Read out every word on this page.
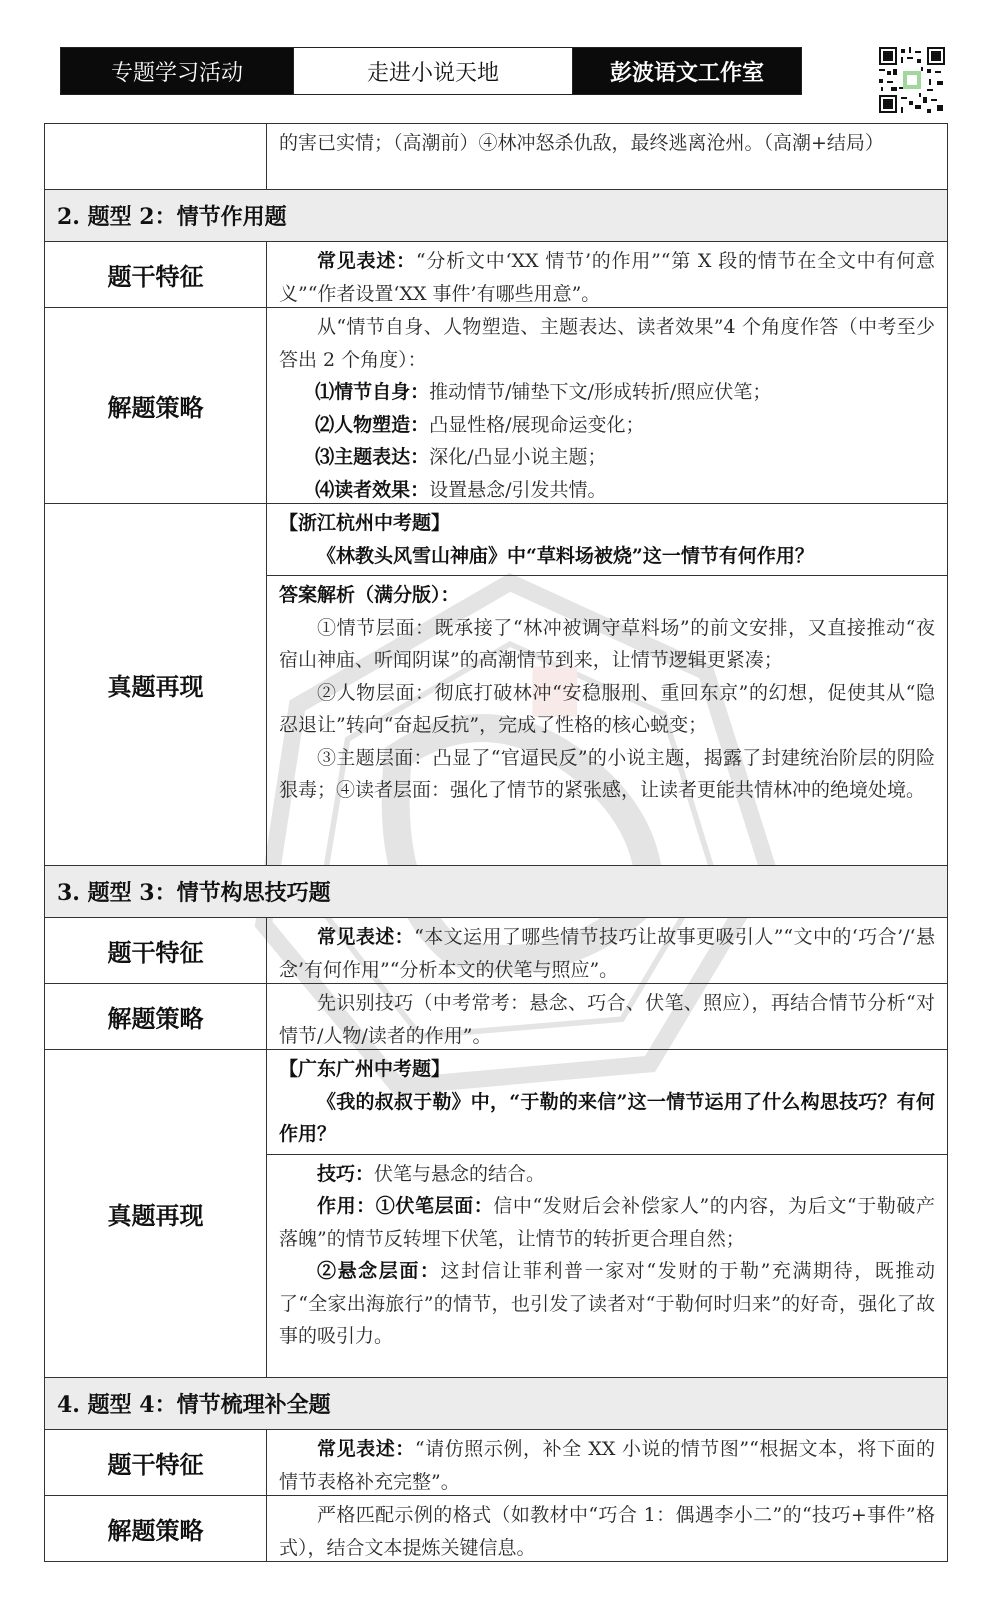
专题学习活动	走进小说天地	彭波语文工作室
的害已实情；（高潮前）④林冲怒杀仇敌，最终逃离沧州。（高潮+结局）
2. 题型 2：情节作用题
题干特征

常见表述：“分析文中‘XX 情节’的作用”“第 X 段的情节在全文中有何意义”“作者设置‘XX 事件’有哪些用意”。

解题策略

从“情节自身、人物塑造、主题表达、读者效果”4 个角度作答（中考至少答出 2 个角度）：

⑴情节自身：推动情节/铺垫下文/形成转折/照应伏笔；

⑵人物塑造：凸显性格/展现命运变化；

⑶主题表达：深化/凸显小说主题；

⑷读者效果：设置悬念/引发共情。

真题再现

【浙江杭州中考题】

《林教头风雪山神庙》中“草料场被烧”这一情节有何作用？

答案解析（满分版）：

①情节层面：既承接了“林冲被调守草料场”的前文安排，又直接推动“夜宿山神庙、听闻阴谋”的高潮情节到来，让情节逻辑更紧凑；

②人物层面：彻底打破林冲“安稳服刑、重回东京”的幻想，促使其从“隐忍退让”转向“奋起反抗”，完成了性格的核心蜕变；

③主题层面：凸显了“官逼民反”的小说主题，揭露了封建统治阶层的阴险狠毒；④读者层面：强化了情节的紧张感，让读者更能共情林冲的绝境处境。

3. 题型 3：情节构思技巧题
题干特征

常见表述：“本文运用了哪些情节技巧让故事更吸引人”“文中的‘巧合’/‘悬念’有何作用”“分析本文的伏笔与照应”。

解题策略

先识别技巧（中考常考：悬念、巧合、伏笔、照应），再结合情节分析“对情节/人物/读者的作用”。

真题再现

【广东广州中考题】

《我的叔叔于勒》中，“于勒的来信”这一情节运用了什么构思技巧？有何作用？

技巧：伏笔与悬念的结合。

作用：①伏笔层面：信中“发财后会补偿家人”的内容，为后文“于勒破产落魄”的情节反转埋下伏笔，让情节的转折更合理自然；

②悬念层面：这封信让菲利普一家对“发财的于勒”充满期待，既推动了“全家出海旅行”的情节，也引发了读者对“于勒何时归来”的好奇，强化了故事的吸引力。

4. 题型 4：情节梳理补全题
题干特征

常见表述：“请仿照示例，补全 XX 小说的情节图”“根据文本，将下面的情节表格补充完整”。

解题策略

严格匹配示例的格式（如教材中“巧合 1：偶遇李小二”的“技巧+事件”格式），结合文本提炼关键信息。
